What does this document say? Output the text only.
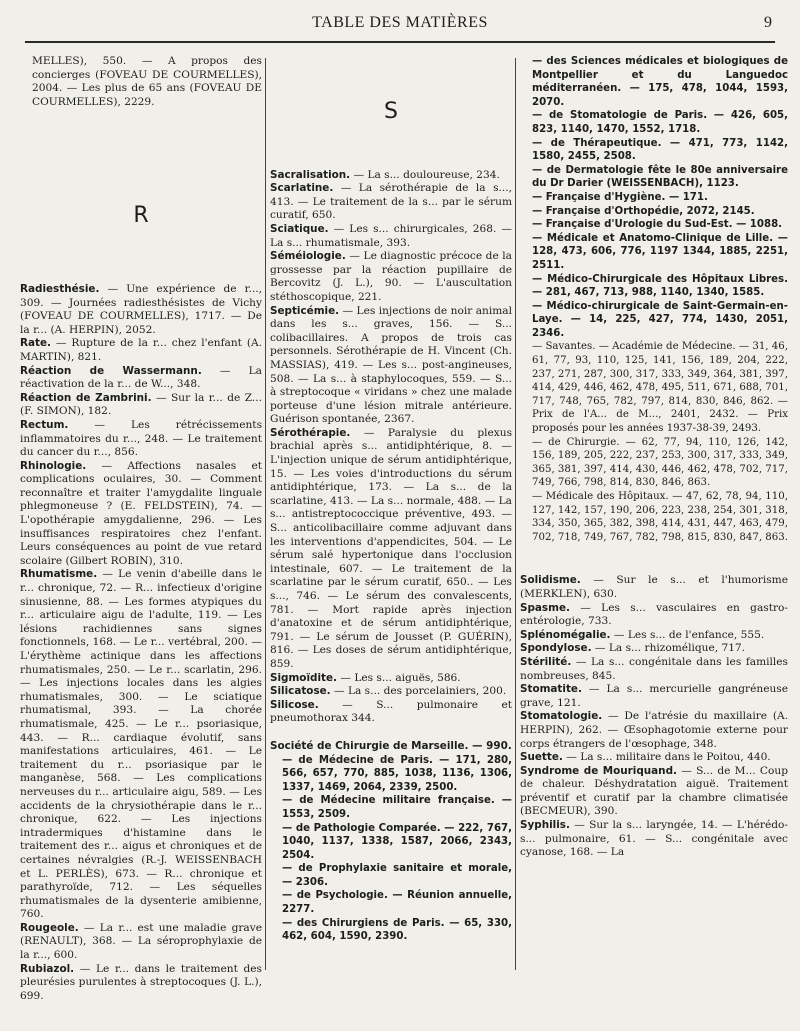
TABLE DES MATIÈRES	9

MELLES), 550. — A propos des concierges (FOVEAU DE COURMELLES), 2004. — Les plus de 65 ans (FOVEAU DE COURMELLES), 2229.

R

Radiesthésie. — Une expérience de r..., 309. — Journées radiesthésistes de Vichy (FOVEAU DE COURMELLES), 1717. — De la r... (A. HERPIN), 2052.

Rate. — Rupture de la r... chez l'enfant (A. MARTIN), 821.

Réaction de Wassermann. — La réactivation de la r... de W..., 348.

Réaction de Zambrini. — Sur la r... de Z... (F. SIMON), 182.

Rectum. — Les rétrécissements inflammatoires du r..., 248. — Le traitement du cancer du r..., 856.

Rhinologie. — Affections nasales et complications oculaires, 30. — Comment reconnaître et traiter l'amygdalite linguale phlegmoneuse ? (E. FELDSTEIN), 74. — L'opothérapie amygdalienne, 296. — Les insuffisances respiratoires chez l'enfant. Leurs conséquences au point de vue retard scolaire (Gilbert ROBIN), 310.

Rhumatisme. — Le venin d'abeille dans le r... chronique, 72. — R... infectieux d'origine sinusienne, 88. — Les formes atypiques du r... articulaire aigu de l'adulte, 119. — Les lésions rachidiennes sans signes fonctionnels, 168. — Le r... vertébral, 200. — L'érythème actinique dans les affections rhumatismales, 250. — Le r... scarlatin, 296. — Les injections locales dans les algies rhumatismales, 300. — Le sciatique rhumatismal, 393. — La chorée rhumatismale, 425. — Le r... psoriasique, 443. — R... cardiaque évolutif, sans manifestations articulaires, 461. — Le traitement du r... psoriasique par le manganèse, 568. — Les complications nerveuses du r... articulaire aigu, 589. — Les accidents de la chrysiothérapie dans le r... chronique, 622. — Les injections intradermiques d'histamine dans le traitement des r... aigus et chroniques et de certaines névralgies (R.-J. WEISSENBACH et L. PERLÈS), 673. — R... chronique et parathyroïde, 712. — Les séquelles rhumatismales de la dysenterie amibienne, 760.

Rougeole. — La r... est une maladie grave (RENAULT), 368. — La séroprophylaxie de la r..., 600.

Rubiazol. — Le r... dans le traitement des pleurésies purulentes à streptocoques (J. L.), 699.

S

Sacralisation. — La s... douloureuse, 234.

Scarlatine. — La sérothérapie de la s..., 413. — Le traitement de la s... par le sérum curatif, 650.

Sciatique. — Les s... chirurgicales, 268. — La s... rhumatismale, 393.

Séméiologie. — Le diagnostic précoce de la grossesse par la réaction pupillaire de Bercovitz (J. L.), 90. — L'auscultation stéthoscopique, 221.

Septicémie. — Les injections de noir animal dans les s... graves, 156. — S... colibacillaires. A propos de trois cas personnels. Sérothérapie de H. Vincent (Ch. MASSIAS), 419. — Les s... post-angineuses, 508. — La s... à staphylocoques, 559. — S... à streptocoque « viridans » chez une malade porteuse d'une lésion mitrale antérieure. Guérison spontanée, 2367.

Sérothérapie. — Paralysie du plexus brachial après s... antidiphtérique, 8. — L'injection unique de sérum antidiphtérique, 15. — Les voies d'introductions du sérum antidiphtérique, 173. — La s... de la scarlatine, 413. — La s... normale, 488. — La s... antistreptococcique préventive, 493. — S... anticolibacillaire comme adjuvant dans les interventions d'appendicites, 504. — Le sérum salé hypertonique dans l'occlusion intestinale, 607. — Le traitement de la scarlatine par le sérum curatif, 650.. — Les s..., 746. — Le sérum des convalescents, 781. — Mort rapide après injection d'anatoxine et de sérum antidiphtérique, 791. — Le sérum de Jousset (P. GUÉRIN), 816. — Les doses de sérum antidiphtérique, 859.

Sigmoïdite. — Les s... aiguës, 586.

Silicatose. — La s... des porcelainiers, 200.

Silicose. — S... pulmonaire et pneumothorax 344.

Société de Chirurgie de Marseille. — 990.

— de Médecine de Paris. — 171, 280, 566, 657, 770, 885, 1038, 1136, 1306, 1337, 1469, 2064, 2339, 2500.

— de Médecine militaire française. — 1553, 2509.

— de Pathologie Comparée. — 222, 767, 1040, 1137, 1338, 1587, 2066, 2343, 2504.

— de Prophylaxie sanitaire et morale, — 2306.

— de Psychologie. — Réunion annuelle, 2277.

— des Chirurgiens de Paris. — 65, 330, 462, 604, 1590, 2390.

— des Sciences médicales et biologiques de Montpellier et du Languedoc méditerranéen. — 175, 478, 1044, 1593, 2070.

— de Stomatologie de Paris. — 426, 605, 823, 1140, 1470, 1552, 1718.

— de Thérapeutique. — 471, 773, 1142, 1580, 2455, 2508.

— de Dermatologie fête le 80e anniversaire du Dr Darier (WEISSENBACH), 1123.

— Française d'Hygiène. — 171.

— Française d'Orthopédie, 2072, 2145.

— Française d'Urologie du Sud-Est. — 1088.

— Médicale et Anatomo-Clinique de Lille. — 128, 473, 606, 776, 1197 1344, 1885, 2251, 2511.

— Médico-Chirurgicale des Hôpitaux Libres. — 281, 467, 713, 988, 1140, 1340, 1585.

— Médico-chirurgicale de Saint-Germain-en-Laye. — 14, 225, 427, 774, 1430, 2051, 2346.

— Savantes. — Académie de Médecine. — 31, 46, 61, 77, 93, 110, 125, 141, 156, 189, 204, 222, 237, 271, 287, 300, 317, 333, 349, 364, 381, 397, 414, 429, 446, 462, 478, 495, 511, 671, 688, 701, 717, 748, 765, 782, 797, 814, 830, 846, 862. — Prix de l'A... de M..., 2401, 2432. — Prix proposés pour les années 1937-38-39, 2493.

— de Chirurgie. — 62, 77, 94, 110, 126, 142, 156, 189, 205, 222, 237, 253, 300, 317, 333, 349, 365, 381, 397, 414, 430, 446, 462, 478, 702, 717, 749, 766, 798, 814, 830, 846, 863.

— Médicale des Hôpitaux. — 47, 62, 78, 94, 110, 127, 142, 157, 190, 206, 223, 238, 254, 301, 318, 334, 350, 365, 382, 398, 414, 431, 447, 463, 479, 702, 718, 749, 767, 782, 798, 815, 830, 847, 863.

Solidisme. — Sur le s... et l'humorisme (MERKLEN), 630.

Spasme. — Les s... vasculaires en gastro-entérologie, 733.

Splénomégalie. — Les s... de l'enfance, 555.

Spondylose. — La s... rhizomélique, 717.

Stérilité. — La s... congénitale dans les familles nombreuses, 845.

Stomatite. — La s... mercurielle gangréneuse grave, 121.

Stomatologie. — De l'atrésie du maxillaire (A. HERPIN), 262. — Œsophagotomie externe pour corps étrangers de l'œsophage, 348.

Suette. — La s... militaire dans le Poitou, 440.

Syndrome de Mouriquand. — S... de M... Coup de chaleur. Déshydratation aiguë. Traitement préventif et curatif par la chambre climatisée (BECMEUR), 390.

Syphilis. — Sur la s... laryngée, 14. — L'hérédo-s... pulmonaire, 61. — S... congénitale avec cyanose, 168. — La
